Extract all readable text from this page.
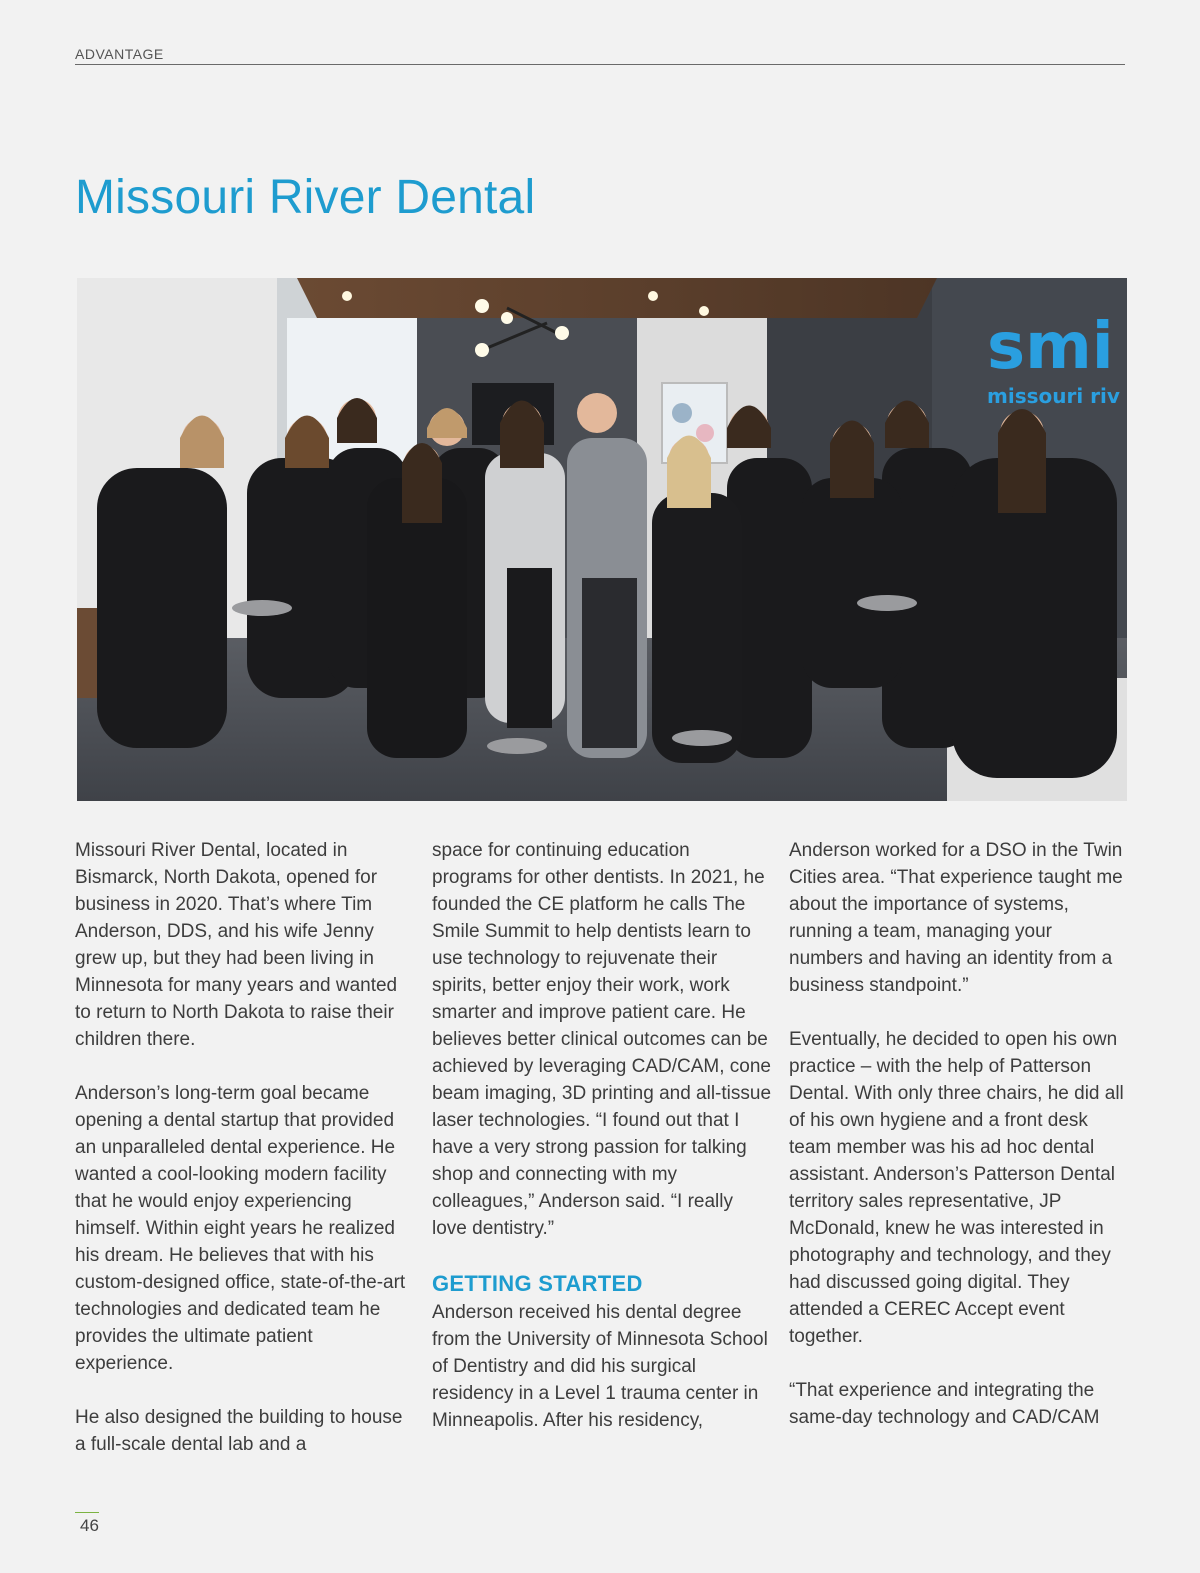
ADVANTAGE
Missouri River Dental
smi
missouri riv

Missouri River Dental, located in Bismarck, North Dakota, opened for business in 2020. That’s where Tim Anderson, DDS, and his wife Jenny grew up, but they had been living in Minnesota for many years and wanted to return to North Dakota to raise their children there.

Anderson’s long-term goal became opening a dental startup that provided an unparalleled dental experience. He wanted a cool-looking modern facility that he would enjoy experiencing himself. Within eight years he realized his dream. He believes that with his custom-designed office, state-of-the-art technologies and dedicated team he provides the ultimate patient experience.

He also designed the building to house a full-scale dental lab and a

space for continuing education programs for other dentists. In 2021, he founded the CE platform he calls The Smile Summit to help dentists learn to use technology to rejuvenate their spirits, better enjoy their work, work smarter and improve patient care. He believes better clinical outcomes can be achieved by leveraging CAD/CAM, cone beam imaging, 3D printing and all-tissue laser technologies. “I found out that I have a very strong passion for talking shop and connecting with my colleagues,” Anderson said. “I really love dentistry.”

GETTING STARTED

Anderson received his dental degree from the University of Minnesota School of Dentistry and did his surgical residency in a Level 1 trauma center in Minneapolis. After his residency,

Anderson worked for a DSO in the Twin Cities area. “That experience taught me about the importance of systems, running a team, managing your numbers and having an identity from a business standpoint.”

Eventually, he decided to open his own practice – with the help of Patterson Dental. With only three chairs, he did all of his own hygiene and a front desk team member was his ad hoc dental assistant. Anderson’s Patterson Dental territory sales representative, JP McDonald, knew he was interested in photography and technology, and they had discussed going digital. They attended a CEREC Accept event together.

“That experience and integrating the same-day technology and CAD/CAM

46
